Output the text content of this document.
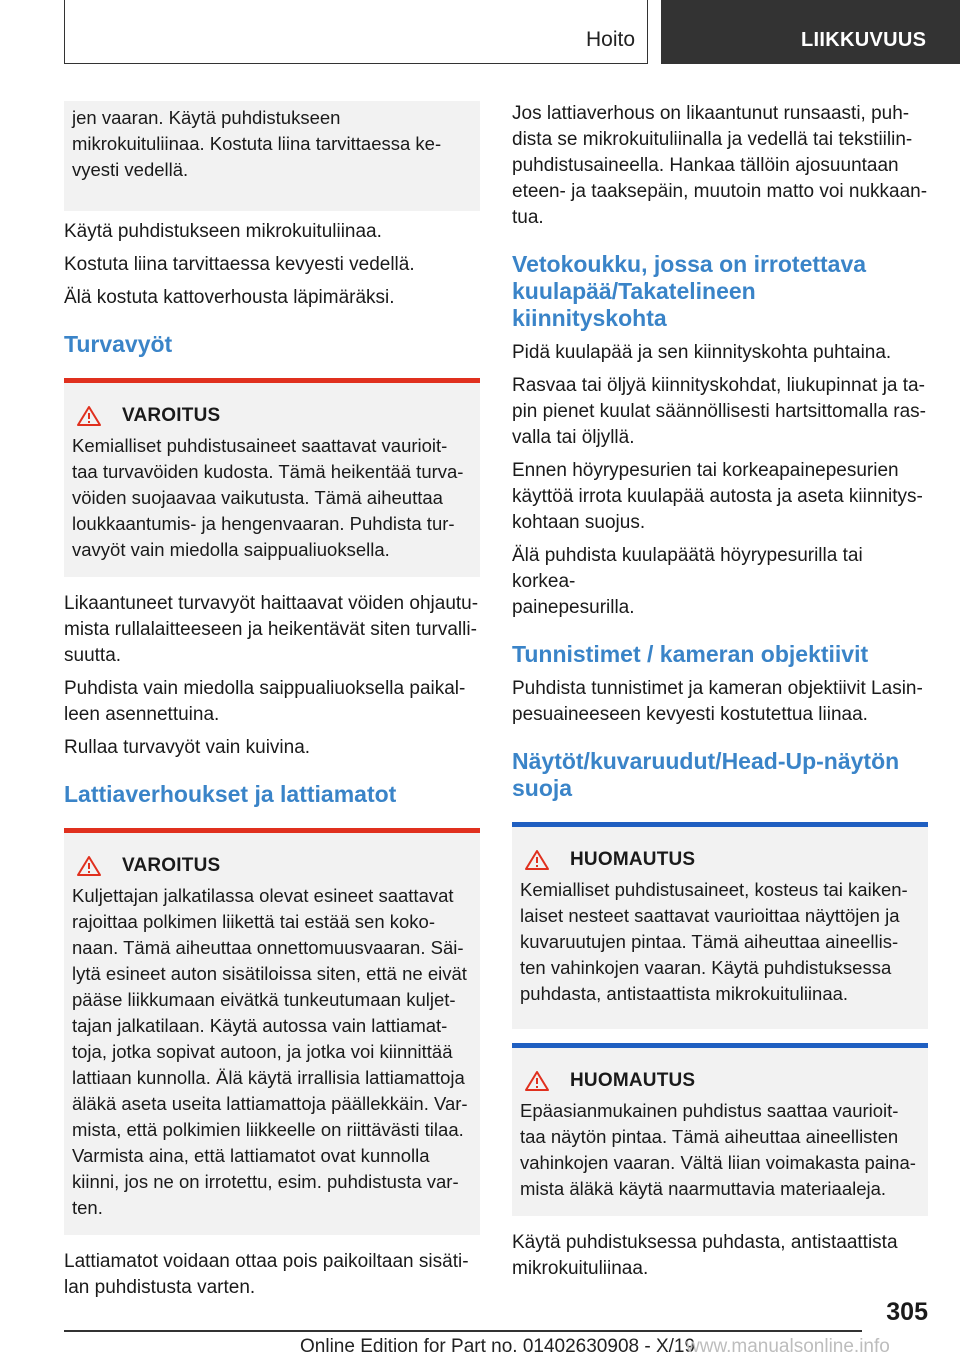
Hoito	LIIKKUVUUS

jen vaaran. Käytä puhdistukseen

mikrokuituliinaa. Kostuta liina tarvittaessa ke-

vyesti vedellä.

Käytä puhdistukseen mikrokuituliinaa.

Kostuta liina tarvittaessa kevyesti vedellä.

Älä kostuta kattoverhousta läpimäräksi.

Turvavyöt
VAROITUS

Kemialliset puhdistusaineet saattavat vaurioit-

taa turvavöiden kudosta. Tämä heikentää turva-

vöiden suojaavaa vaikutusta. Tämä aiheuttaa

loukkaantumis- ja hengenvaaran. Puhdista tur-

vavyöt vain miedolla saippualiuoksella.

Likaantuneet turvavyöt haittaavat vöiden ohjautu-

mista rullalaitteeseen ja heikentävät siten turvalli-

suutta.

Puhdista vain miedolla saippualiuoksella paikal-

leen asennettuina.

Rullaa turvavyöt vain kuivina.

Lattiaverhoukset ja lattiamatot
VAROITUS

Kuljettajan jalkatilassa olevat esineet saattavat

rajoittaa polkimen liikettä tai estää sen koko-

naan. Tämä aiheuttaa onnettomuusvaaran. Säi-

lytä esineet auton sisätiloissa siten, että ne eivät

pääse liikkumaan eivätkä tunkeutumaan kuljet-

tajan jalkatilaan. Käytä autossa vain lattiamat-

toja, jotka sopivat autoon, ja jotka voi kiinnittää

lattiaan kunnolla. Älä käytä irrallisia lattiamattoja

äläkä aseta useita lattiamattoja päällekkäin. Var-

mista, että polkimien liikkeelle on riittävästi tilaa.

Varmista aina, että lattiamatot ovat kunnolla

kiinni, jos ne on irrotettu, esim. puhdistusta var-

ten.

Lattiamatot voidaan ottaa pois paikoiltaan sisäti-

lan puhdistusta varten.

Jos lattiaverhous on likaantunut runsaasti, puh-

dista se mikrokuituliinalla ja vedellä tai tekstiilin-

puhdistusaineella. Hankaa tällöin ajosuuntaan

eteen- ja taaksepäin, muutoin matto voi nukkaan-

tua.

Vetokoukku, jossa on irrotettava
kuulapää/Takatelineen
kiinnityskohta

Pidä kuulapää ja sen kiinnityskohta puhtaina.

Rasvaa tai öljyä kiinnityskohdat, liukupinnat ja ta-

pin pienet kuulat säännöllisesti hartsittomalla ras-

valla tai öljyllä.

Ennen höyrypesurien tai korkeapainepesurien

käyttöä irrota kuulapää autosta ja aseta kiinnitys-

kohtaan suojus.

Älä puhdista kuulapäätä höyrypesurilla tai korkea-

painepesurilla.

Tunnistimet / kameran objektiivit

Puhdista tunnistimet ja kameran objektiivit Lasin-

pesuaineeseen kevyesti kostutettua liinaa.

Näytöt/kuvaruudut/Head-Up-näytön
suoja
HUOMAUTUS

Kemialliset puhdistusaineet, kosteus tai kaiken-

laiset nesteet saattavat vaurioittaa näyttöjen ja

kuvaruutujen pintaa. Tämä aiheuttaa aineellis-

ten vahinkojen vaaran. Käytä puhdistuksessa

puhdasta, antistaattista mikrokuituliinaa.

HUOMAUTUS

Epäasianmukainen puhdistus saattaa vaurioit-

taa näytön pintaa. Tämä aiheuttaa aineellisten

vahinkojen vaaran. Vältä liian voimakasta paina-

mista äläkä käytä naarmuttavia materiaaleja.

Käytä puhdistuksessa puhdasta, antistaattista

mikrokuituliinaa.

305
Online Edition for Part no. 01402630908 - X/19
www.manualsonline.info
